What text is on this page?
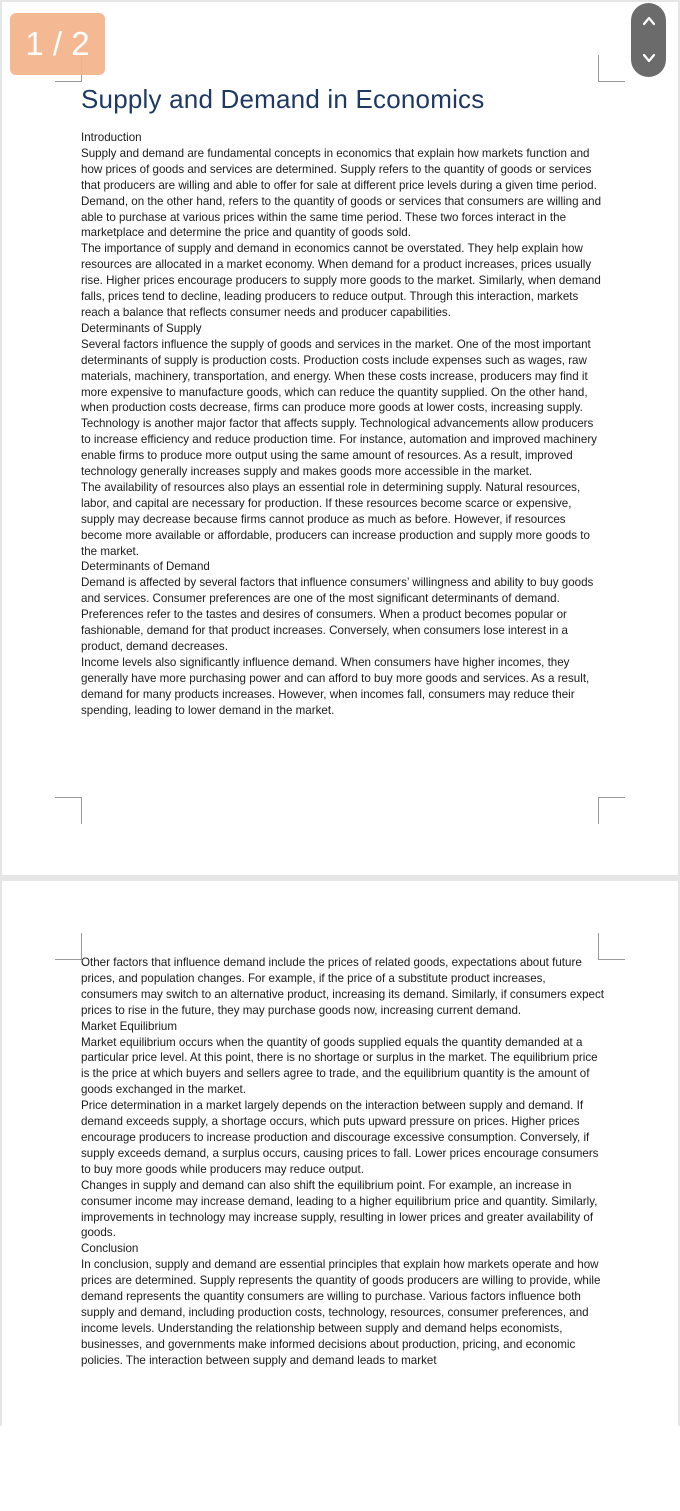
Supply and Demand in Economics

Introduction

Supply and demand are fundamental concepts in economics that explain how markets function and how prices of goods and services are determined. Supply refers to the quantity of goods or services that producers are willing and able to offer for sale at different price levels during a given time period. Demand, on the other hand, refers to the quantity of goods or services that consumers are willing and able to purchase at various prices within the same time period. These two forces interact in the marketplace and determine the price and quantity of goods sold.

The importance of supply and demand in economics cannot be overstated. They help explain how resources are allocated in a market economy. When demand for a product increases, prices usually rise. Higher prices encourage producers to supply more goods to the market. Similarly, when demand falls, prices tend to decline, leading producers to reduce output. Through this interaction, markets reach a balance that reflects consumer needs and producer capabilities.

Determinants of Supply

Several factors influence the supply of goods and services in the market. One of the most important determinants of supply is production costs. Production costs include expenses such as wages, raw materials, machinery, transportation, and energy. When these costs increase, producers may find it more expensive to manufacture goods, which can reduce the quantity supplied. On the other hand, when production costs decrease, firms can produce more goods at lower costs, increasing supply.

Technology is another major factor that affects supply. Technological advancements allow producers to increase efficiency and reduce production time. For instance, automation and improved machinery enable firms to produce more output using the same amount of resources. As a result, improved technology generally increases supply and makes goods more accessible in the market.

The availability of resources also plays an essential role in determining supply. Natural resources, labor, and capital are necessary for production. If these resources become scarce or expensive, supply may decrease because firms cannot produce as much as before. However, if resources become more available or affordable, producers can increase production and supply more goods to the market.

Determinants of Demand

Demand is affected by several factors that influence consumers’ willingness and ability to buy goods and services. Consumer preferences are one of the most significant determinants of demand. Preferences refer to the tastes and desires of consumers. When a product becomes popular or fashionable, demand for that product increases. Conversely, when consumers lose interest in a product, demand decreases.

Income levels also significantly influence demand. When consumers have higher incomes, they generally have more purchasing power and can afford to buy more goods and services. As a result, demand for many products increases. However, when incomes fall, consumers may reduce their spending, leading to lower demand in the market.

Other factors that influence demand include the prices of related goods, expectations about future prices, and population changes. For example, if the price of a substitute product increases, consumers may switch to an alternative product, increasing its demand. Similarly, if consumers expect prices to rise in the future, they may purchase goods now, increasing current demand.

Market Equilibrium

Market equilibrium occurs when the quantity of goods supplied equals the quantity demanded at a particular price level. At this point, there is no shortage or surplus in the market. The equilibrium price is the price at which buyers and sellers agree to trade, and the equilibrium quantity is the amount of goods exchanged in the market.

Price determination in a market largely depends on the interaction between supply and demand. If demand exceeds supply, a shortage occurs, which puts upward pressure on prices. Higher prices encourage producers to increase production and discourage excessive consumption. Conversely, if supply exceeds demand, a surplus occurs, causing prices to fall. Lower prices encourage consumers to buy more goods while producers may reduce output.

Changes in supply and demand can also shift the equilibrium point. For example, an increase in consumer income may increase demand, leading to a higher equilibrium price and quantity. Similarly, improvements in technology may increase supply, resulting in lower prices and greater availability of goods.

Conclusion

In conclusion, supply and demand are essential principles that explain how markets operate and how prices are determined. Supply represents the quantity of goods producers are willing to provide, while demand represents the quantity consumers are willing to purchase. Various factors influence both supply and demand, including production costs, technology, resources, consumer preferences, and income levels. Understanding the relationship between supply and demand helps economists, businesses, and governments make informed decisions about production, pricing, and economic policies. The interaction between supply and demand leads to market

1 / 2
